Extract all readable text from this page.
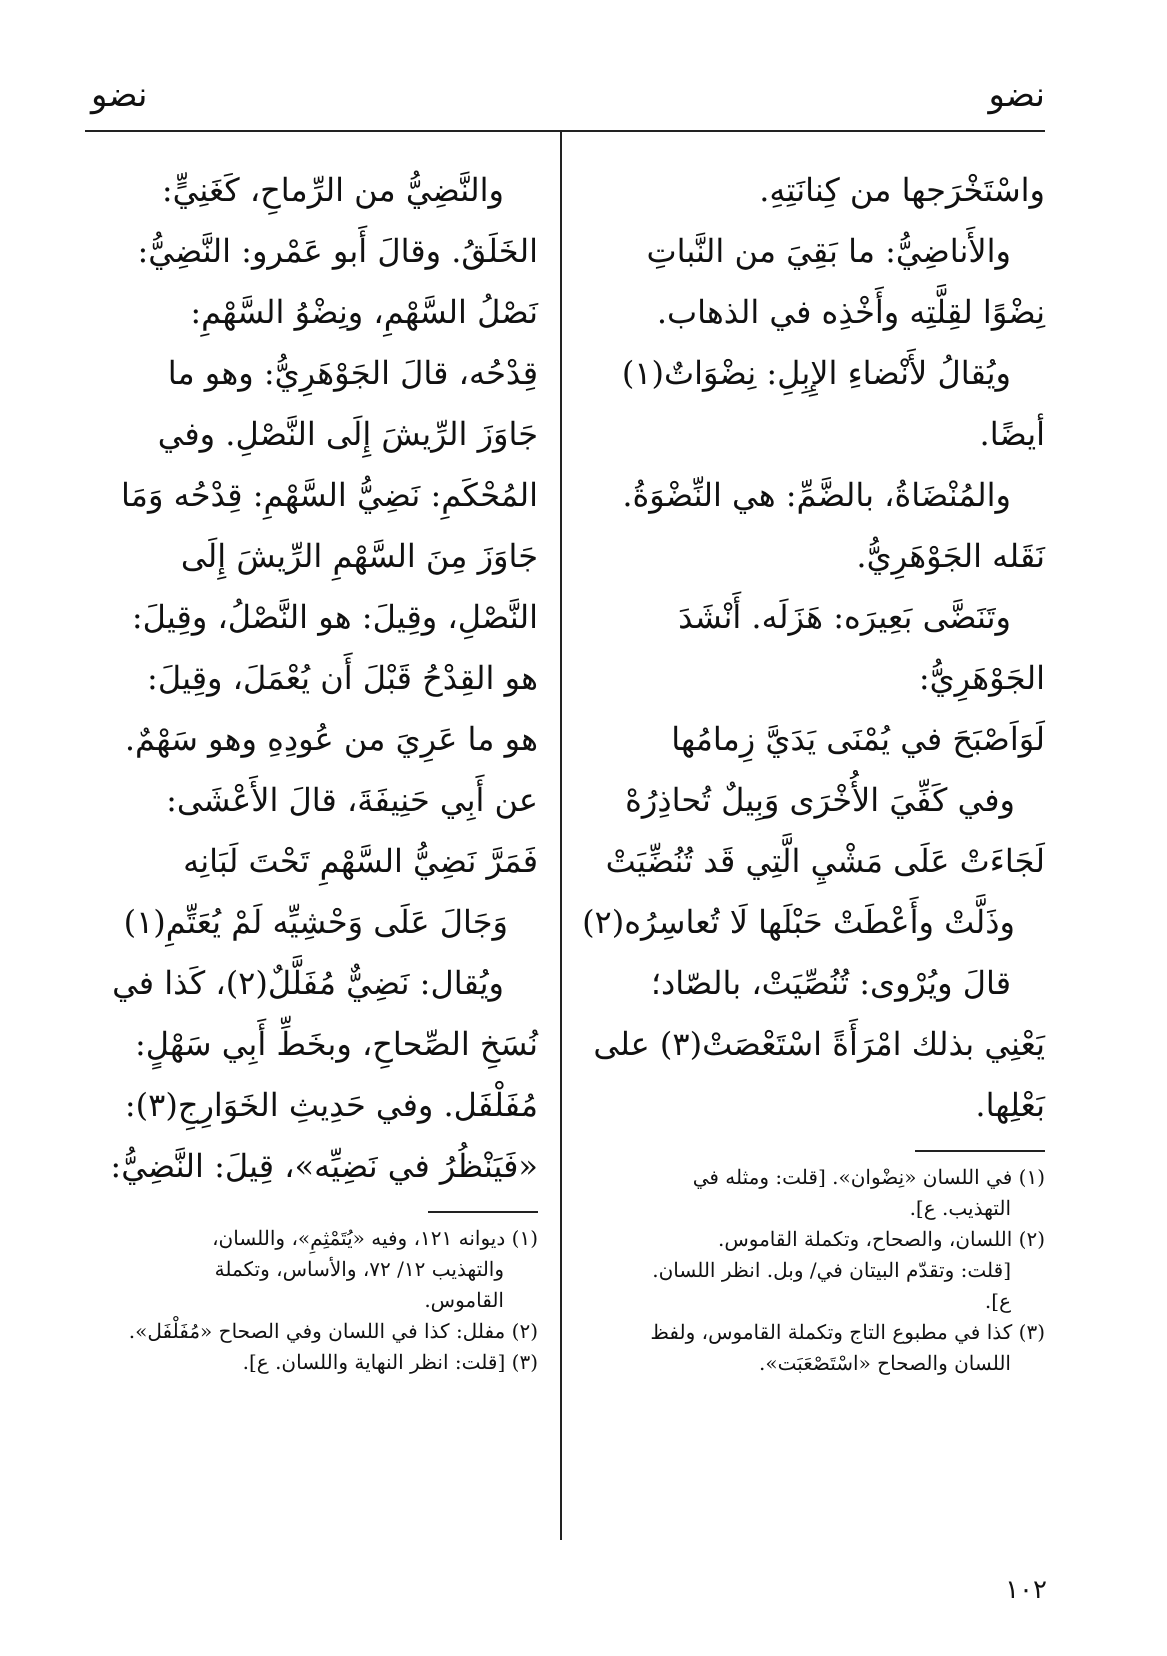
نضو
نضو
واسْتَخْرَجها من كِنانَتِهِ.
والأَناضِيُّ: ما بَقِيَ من النَّباتِ
نِضْوًا لقِلَّتِه وأَخْذِه في الذهاب.
ويُقالُ لأَنْضاءِ الإِبِلِ: نِضْوَاتٌ(١)
أيضًا.
والمُنْضَاةُ، بالضَّمِّ: هي النِّضْوَةُ.
نَقَله الجَوْهَرِيُّ.
وتَنَضَّى بَعِيرَه: هَزَلَه. أَنْشَدَ
الجَوْهَرِيُّ:
لَوَاَصْبَحَ في يُمْنَى يَدَيَّ زِمامُها
وفي كَفِّيَ الأُخْرَى وَبِيلٌ تُحاذِرُهْ
لَجَاءَتْ عَلَى مَشْيِ الَّتِي قَد تُنُضِّيَتْ
وذَلَّتْ وأَعْطَتْ حَبْلَها لَا تُعاسِرُه(٢)
قالَ ويُرْوى: تُنُصِّيَتْ، بالصّاد؛
يَعْنِي بذلك امْرَأَةً اسْتَعْصَتْ(٣) على
بَعْلِها.
(١) في اللسان «نِضْوان». [قلت: ومثله في
التهذيب. ع].
(٢) اللسان، والصحاح، وتكملة القاموس.
[قلت: وتقدّم البيتان في/ وبل. انظر اللسان.
ع].
(٣) كذا في مطبوع التاج وتكملة القاموس، ولفظ
اللسان والصحاح «اسْتَصْعَبَت».
والنَّضِيُّ من الرِّماحِ، كَغَنِيٍّ:
الخَلَقُ. وقالَ أَبو عَمْرو: النَّضِيُّ:
نَصْلُ السَّهْمِ، ونِضْوُ السَّهْمِ:
قِدْحُه، قالَ الجَوْهَرِيُّ: وهو ما
جَاوَزَ الرِّيشَ إِلَى النَّصْلِ. وفي
المُحْكَمِ: نَضِيُّ السَّهْمِ: قِدْحُه وَمَا
جَاوَزَ مِنَ السَّهْمِ الرِّيشَ إِلَى
النَّصْلِ، وقِيلَ: هو النَّصْلُ، وقِيلَ:
هو القِدْحُ قَبْلَ أَن يُعْمَلَ، وقِيلَ:
هو ما عَرِيَ من عُودِهِ وهو سَهْمٌ.
عن أَبِي حَنِيفَةَ، قالَ الأَعْشَى:
فَمَرَّ نَضِيُّ السَّهْمِ تَحْتَ لَبَانِه
وَجَالَ عَلَى وَحْشِيِّه لَمْ يُعَتِّمِ(١)
ويُقال: نَضِيٌّ مُفَلَّلٌ(٢)، كَذا في
نُسَخِ الصِّحاحِ، وبخَطِّ أَبِي سَهْلٍ:
مُفَلْفَل. وفي حَدِيثِ الخَوَارِجِ(٣):
«فَيَنْظُرُ في نَضِيِّه»، قِيلَ: النَّضِيُّ:
(١) ديوانه ١٢١، وفيه «يُتَمْثِمِ»، واللسان،
والتهذيب ١٢/ ٧٢، والأساس، وتكملة
القاموس.
(٢) مفلل: كذا في اللسان وفي الصحاح «مُفَلْفَل».
(٣) [قلت: انظر النهاية واللسان. ع].
١٠٢
